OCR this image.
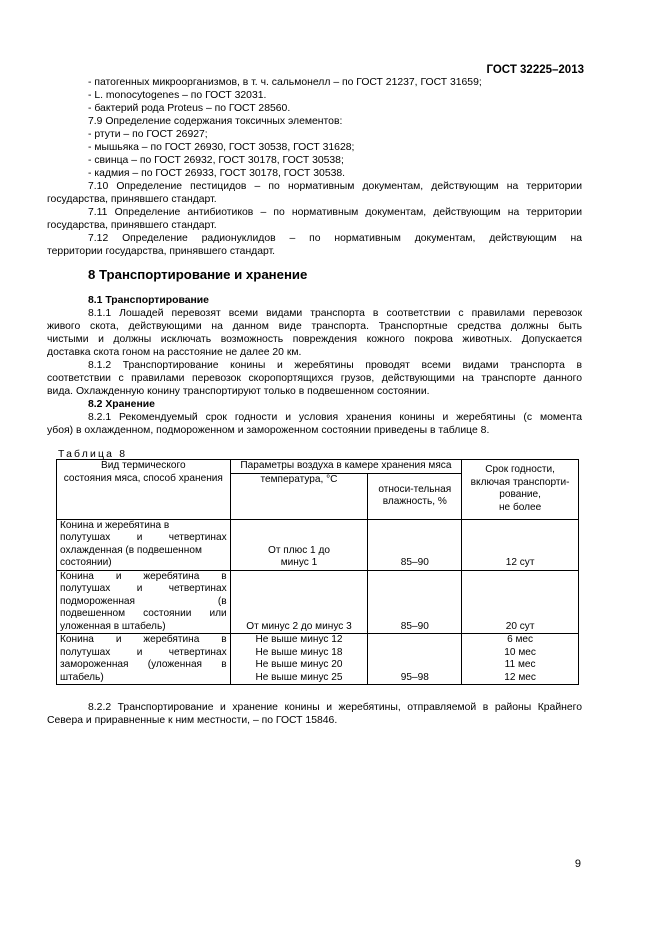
ГОСТ 32225–2013
- патогенных микроорганизмов, в т. ч. сальмонелл – по ГОСТ 21237, ГОСТ 31659;
- L. monocytogenes – по ГОСТ 32031.
- бактерий рода Proteus – по ГОСТ 28560.
7.9 Определение содержания токсичных элементов:
- ртути – по ГОСТ 26927;
- мышьяка – по ГОСТ 26930, ГОСТ 30538, ГОСТ 31628;
- свинца – по ГОСТ 26932, ГОСТ 30178, ГОСТ 30538;
- кадмия – по ГОСТ 26933, ГОСТ 30178, ГОСТ 30538.
7.10 Определение пестицидов – по нормативным документам, действующим на территории
государства, принявшего стандарт.
7.11 Определение антибиотиков – по нормативным документам, действующим на территории
государства, принявшего стандарт.
7.12 Определение радионуклидов – по нормативным документам, действующим на
территории государства, принявшего стандарт.
8 Транспортирование и хранение
8.1 Транспортирование
8.1.1 Лошадей перевозят всеми видами транспорта в соответствии с правилами перевозок
живого скота, действующими на данном виде транспорта. Транспортные средства должны быть
чистыми и должны исключать возможность повреждения кожного покрова животных. Допускается
доставка скота гоном на расстояние не далее 20 км.
8.1.2 Транспортирование конины и жеребятины проводят всеми видами транспорта в
соответствии с правилами перевозок скоропортящихся грузов, действующими на транспорте данного
вида. Охлажденную конину транспортируют только в подвешенном состоянии.
8.2 Хранение
8.2.1 Рекомендуемый срок годности и условия хранения конины и жеребятины (с момента
убоя) в охлажденном, подмороженном и замороженном состоянии приведены в таблице 8.
Таблица 8
Вид термического
состояния мяса, способ хранения
	Параметры воздуха в камере хранения мяса	Срок годности,
включая транспорти-
рование,
не более

температура, °С	
относи-тельная
влажность, %

Конина и жеребятина в
полутушах и четвертинах
охлажденная (в подвешенном
состоянии)

От плюс 1 до
минус 1	85–90	12 сут

Конина и жеребятина в
полутушах и четвертинах
подмороженная (в
подвешенном состоянии или
уложенная в штабель)	От минус 2 до минус 3	85–90	20 сут

Конина и жеребятина в
полутушах и четвертинах
замороженная (уложенная в
штабель)

Не выше минус 12
Не выше минус 18
Не выше минус 20
Не выше минус 25	95–98	
6 мес
10 мес
11 мес
12 мес
8.2.2 Транспортирование и хранение конины и жеребятины, отправляемой в районы Крайнего
Севера и приравненные к ним местности, – по ГОСТ 15846.
9
